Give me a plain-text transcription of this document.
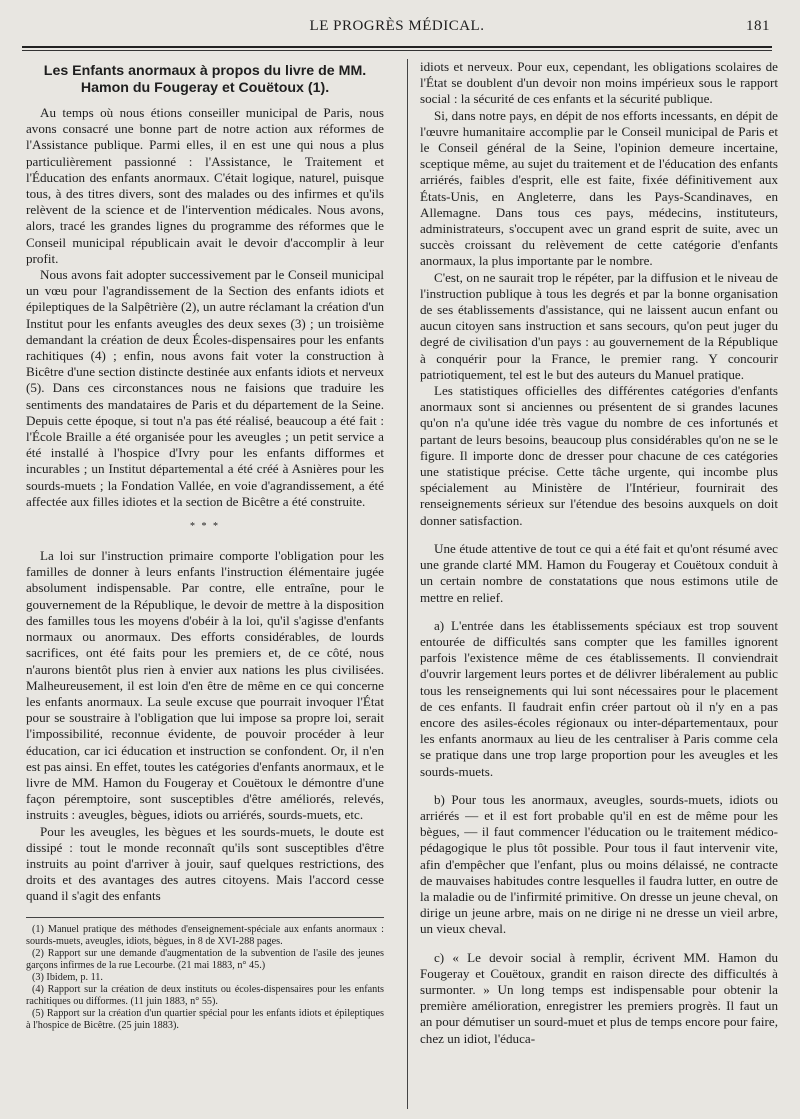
LE PROGRÈS MÉDICAL.	181
Les Enfants anormaux à propos du livre de MM. Hamon du Fougeray et Couëtoux (1).

Au temps où nous étions conseiller municipal de Paris, nous avons consacré une bonne part de notre action aux réformes de l'Assistance publique. Parmi elles, il en est une qui nous a plus particulièrement passionné : l'Assistance, le Traitement et l'Éducation des enfants anormaux. C'était logique, naturel, puisque tous, à des titres divers, sont des malades ou des infirmes et qu'ils relèvent de la science et de l'intervention médicales. Nous avons, alors, tracé les grandes lignes du programme des réformes que le Conseil municipal républicain avait le devoir d'accomplir à leur profit.

Nous avons fait adopter successivement par le Conseil municipal un vœu pour l'agrandissement de la Section des enfants idiots et épileptiques de la Salpêtrière (2), un autre réclamant la création d'un Institut pour les enfants aveugles des deux sexes (3) ; un troisième demandant la création de deux Écoles-dispensaires pour les enfants rachitiques (4) ; enfin, nous avons fait voter la construction à Bicêtre d'une section distincte destinée aux enfants idiots et nerveux (5). Dans ces circonstances nous ne faisions que traduire les sentiments des mandataires de Paris et du département de la Seine. Depuis cette époque, si tout n'a pas été réalisé, beaucoup a été fait : l'École Braille a été organisée pour les aveugles ; un petit service a été installé à l'hospice d'Ivry pour les enfants difformes et incurables ; un Institut départemental a été créé à Asnières pour les sourds-muets ; la Fondation Vallée, en voie d'agrandissement, a été affectée aux filles idiotes et la section de Bicêtre a été construite.

* * *

La loi sur l'instruction primaire comporte l'obligation pour les familles de donner à leurs enfants l'instruction élémentaire jugée absolument indispensable. Par contre, elle entraîne, pour le gouvernement de la République, le devoir de mettre à la disposition des familles tous les moyens d'obéir à la loi, qu'il s'agisse d'enfants normaux ou anormaux. Des efforts considérables, de lourds sacrifices, ont été faits pour les premiers et, de ce côté, nous n'aurons bientôt plus rien à envier aux nations les plus civilisées. Malheureusement, il est loin d'en être de même en ce qui concerne les enfants anormaux. La seule excuse que pourrait invoquer l'État pour se soustraire à l'obligation que lui impose sa propre loi, serait l'impossibilité, reconnue évidente, de pouvoir procéder à leur éducation, car ici éducation et instruction se confondent. Or, il n'en est pas ainsi. En effet, toutes les catégories d'enfants anormaux, et le livre de MM. Hamon du Fougeray et Couëtoux le démontre d'une façon péremptoire, sont susceptibles d'être améliorés, relevés, instruits : aveugles, bègues, idiots ou arriérés, sourds-muets, etc.

Pour les aveugles, les bègues et les sourds-muets, le doute est dissipé : tout le monde reconnaît qu'ils sont susceptibles d'être instruits au point d'arriver à jouir, sauf quelques restrictions, des droits et des avantages des autres citoyens. Mais l'accord cesse quand il s'agit des enfants

(1) Manuel pratique des méthodes d'enseignement-spéciale aux enfants anormaux : sourds-muets, aveugles, idiots, bègues, in 8 de XVI-288 pages.
(2) Rapport sur une demande d'augmentation de la subvention de l'asile des jeunes garçons infirmes de la rue Lecourbe. (21 mai 1883, n° 45.)
(3) Ibidem, p. 11.
(4) Rapport sur la création de deux instituts ou écoles-dispensaires pour les enfants rachitiques ou difformes. (11 juin 1883, n° 55).
(5) Rapport sur la création d'un quartier spécial pour les enfants idiots et épileptiques à l'hospice de Bicêtre. (25 juin 1883).

idiots et nerveux. Pour eux, cependant, les obligations scolaires de l'État se doublent d'un devoir non moins impérieux sous le rapport social : la sécurité de ces enfants et la sécurité publique.

Si, dans notre pays, en dépit de nos efforts incessants, en dépit de l'œuvre humanitaire accomplie par le Conseil municipal de Paris et le Conseil général de la Seine, l'opinion demeure incertaine, sceptique même, au sujet du traitement et de l'éducation des enfants arriérés, faibles d'esprit, elle est faite, fixée définitivement aux États-Unis, en Angleterre, dans les Pays-Scandinaves, en Allemagne. Dans tous ces pays, médecins, instituteurs, administrateurs, s'occupent avec un grand esprit de suite, avec un succès croissant du relèvement de cette catégorie d'enfants anormaux, la plus importante par le nombre.

C'est, on ne saurait trop le répéter, par la diffusion et le niveau de l'instruction publique à tous les degrés et par la bonne organisation de ses établissements d'assistance, qui ne laissent aucun enfant ou aucun citoyen sans instruction et sans secours, qu'on peut juger du degré de civilisation d'un pays : au gouvernement de la République à conquérir pour la France, le premier rang. Y concourir patriotiquement, tel est le but des auteurs du Manuel pratique.

Les statistiques officielles des différentes catégories d'enfants anormaux sont si anciennes ou présentent de si grandes lacunes qu'on n'a qu'une idée très vague du nombre de ces infortunés et partant de leurs besoins, beaucoup plus considérables qu'on ne se le figure. Il importe donc de dresser pour chacune de ces catégories une statistique précise. Cette tâche urgente, qui incombe plus spécialement au Ministère de l'Intérieur, fournirait des renseignements sérieux sur l'étendue des besoins auxquels on doit donner satisfaction.

Une étude attentive de tout ce qui a été fait et qu'ont résumé avec une grande clarté MM. Hamon du Fougeray et Couëtoux conduit à un certain nombre de constatations que nous estimons utile de mettre en relief.

a) L'entrée dans les établissements spéciaux est trop souvent entourée de difficultés sans compter que les familles ignorent parfois l'existence même de ces établissements. Il conviendrait d'ouvrir largement leurs portes et de délivrer libéralement au public tous les renseignements qui lui sont nécessaires pour le placement de ces enfants. Il faudrait enfin créer partout où il n'y en a pas encore des asiles-écoles régionaux ou inter-départementaux, pour les enfants anormaux au lieu de les centraliser à Paris comme cela se pratique dans une trop large proportion pour les aveugles et les sourds-muets.

b) Pour tous les anormaux, aveugles, sourds-muets, idiots ou arriérés — et il est fort probable qu'il en est de même pour les bègues, — il faut commencer l'éducation ou le traitement médico-pédagogique le plus tôt possible. Pour tous il faut intervenir vite, afin d'empêcher que l'enfant, plus ou moins délaissé, ne contracte de mauvaises habitudes contre lesquelles il faudra lutter, en outre de la maladie ou de l'infirmité primitive. On dresse un jeune cheval, on dirige un jeune arbre, mais on ne dirige ni ne dresse un vieil arbre, un vieux cheval.

c) « Le devoir social à remplir, écrivent MM. Hamon du Fougeray et Couëtoux, grandit en raison directe des difficultés à surmonter. » Un long temps est indispensable pour obtenir la première amélioration, enregistrer les premiers progrès. Il faut un an pour démutiser un sourd-muet et plus de temps encore pour faire, chez un idiot, l'éduca-
